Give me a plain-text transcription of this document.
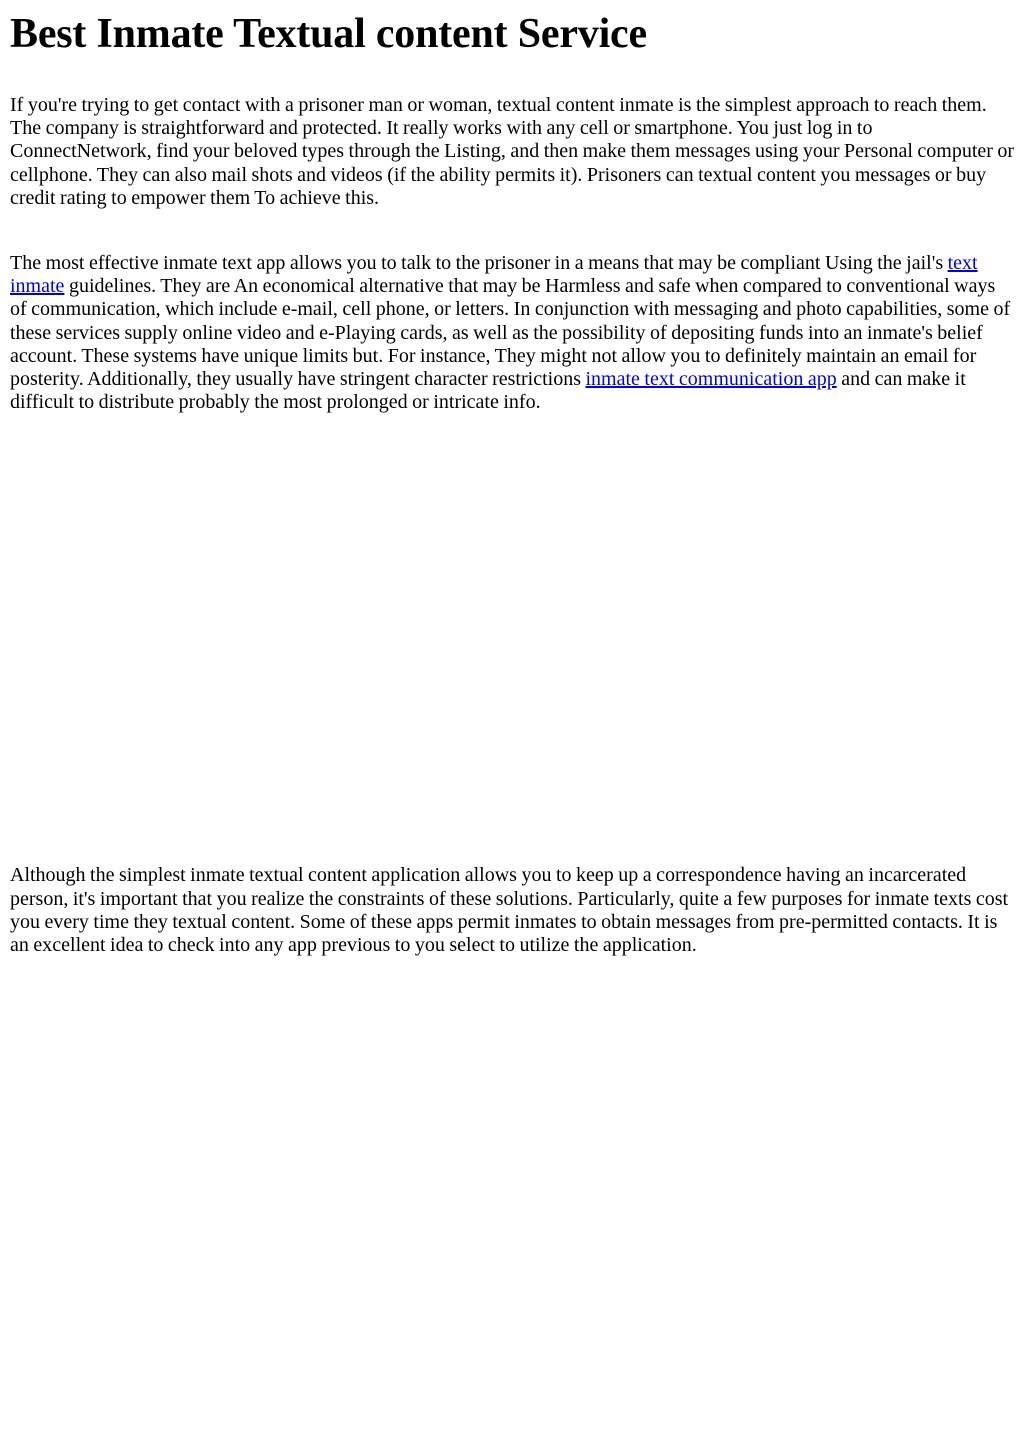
Best Inmate Textual content Service

If you're trying to get contact with a prisoner man or woman, textual content inmate is the simplest approach to reach them. The company is straightforward and protected. It really works with any cell or smartphone. You just log in to ConnectNetwork, find your beloved types through the Listing, and then make them messages using your Personal computer or cellphone. They can also mail shots and videos (if the ability permits it). Prisoners can textual content you messages or buy credit rating to empower them To achieve this.

The most effective inmate text app allows you to talk to the prisoner in a means that may be compliant Using the jail's text inmate guidelines. They are An economical alternative that may be Harmless and safe when compared to conventional ways of communication, which include e-mail, cell phone, or letters. In conjunction with messaging and photo capabilities, some of these services supply online video and e-Playing cards, as well as the possibility of depositing funds into an inmate's belief account. These systems have unique limits but. For instance, They might not allow you to definitely maintain an email for posterity. Additionally, they usually have stringent character restrictions inmate text communication app and can make it difficult to distribute probably the most prolonged or intricate info.

Although the simplest inmate textual content application allows you to keep up a correspondence having an incarcerated person, it's important that you realize the constraints of these solutions. Particularly, quite a few purposes for inmate texts cost you every time they textual content. Some of these apps permit inmates to obtain messages from pre-permitted contacts. It is an excellent idea to check into any app previous to you select to utilize the application.
